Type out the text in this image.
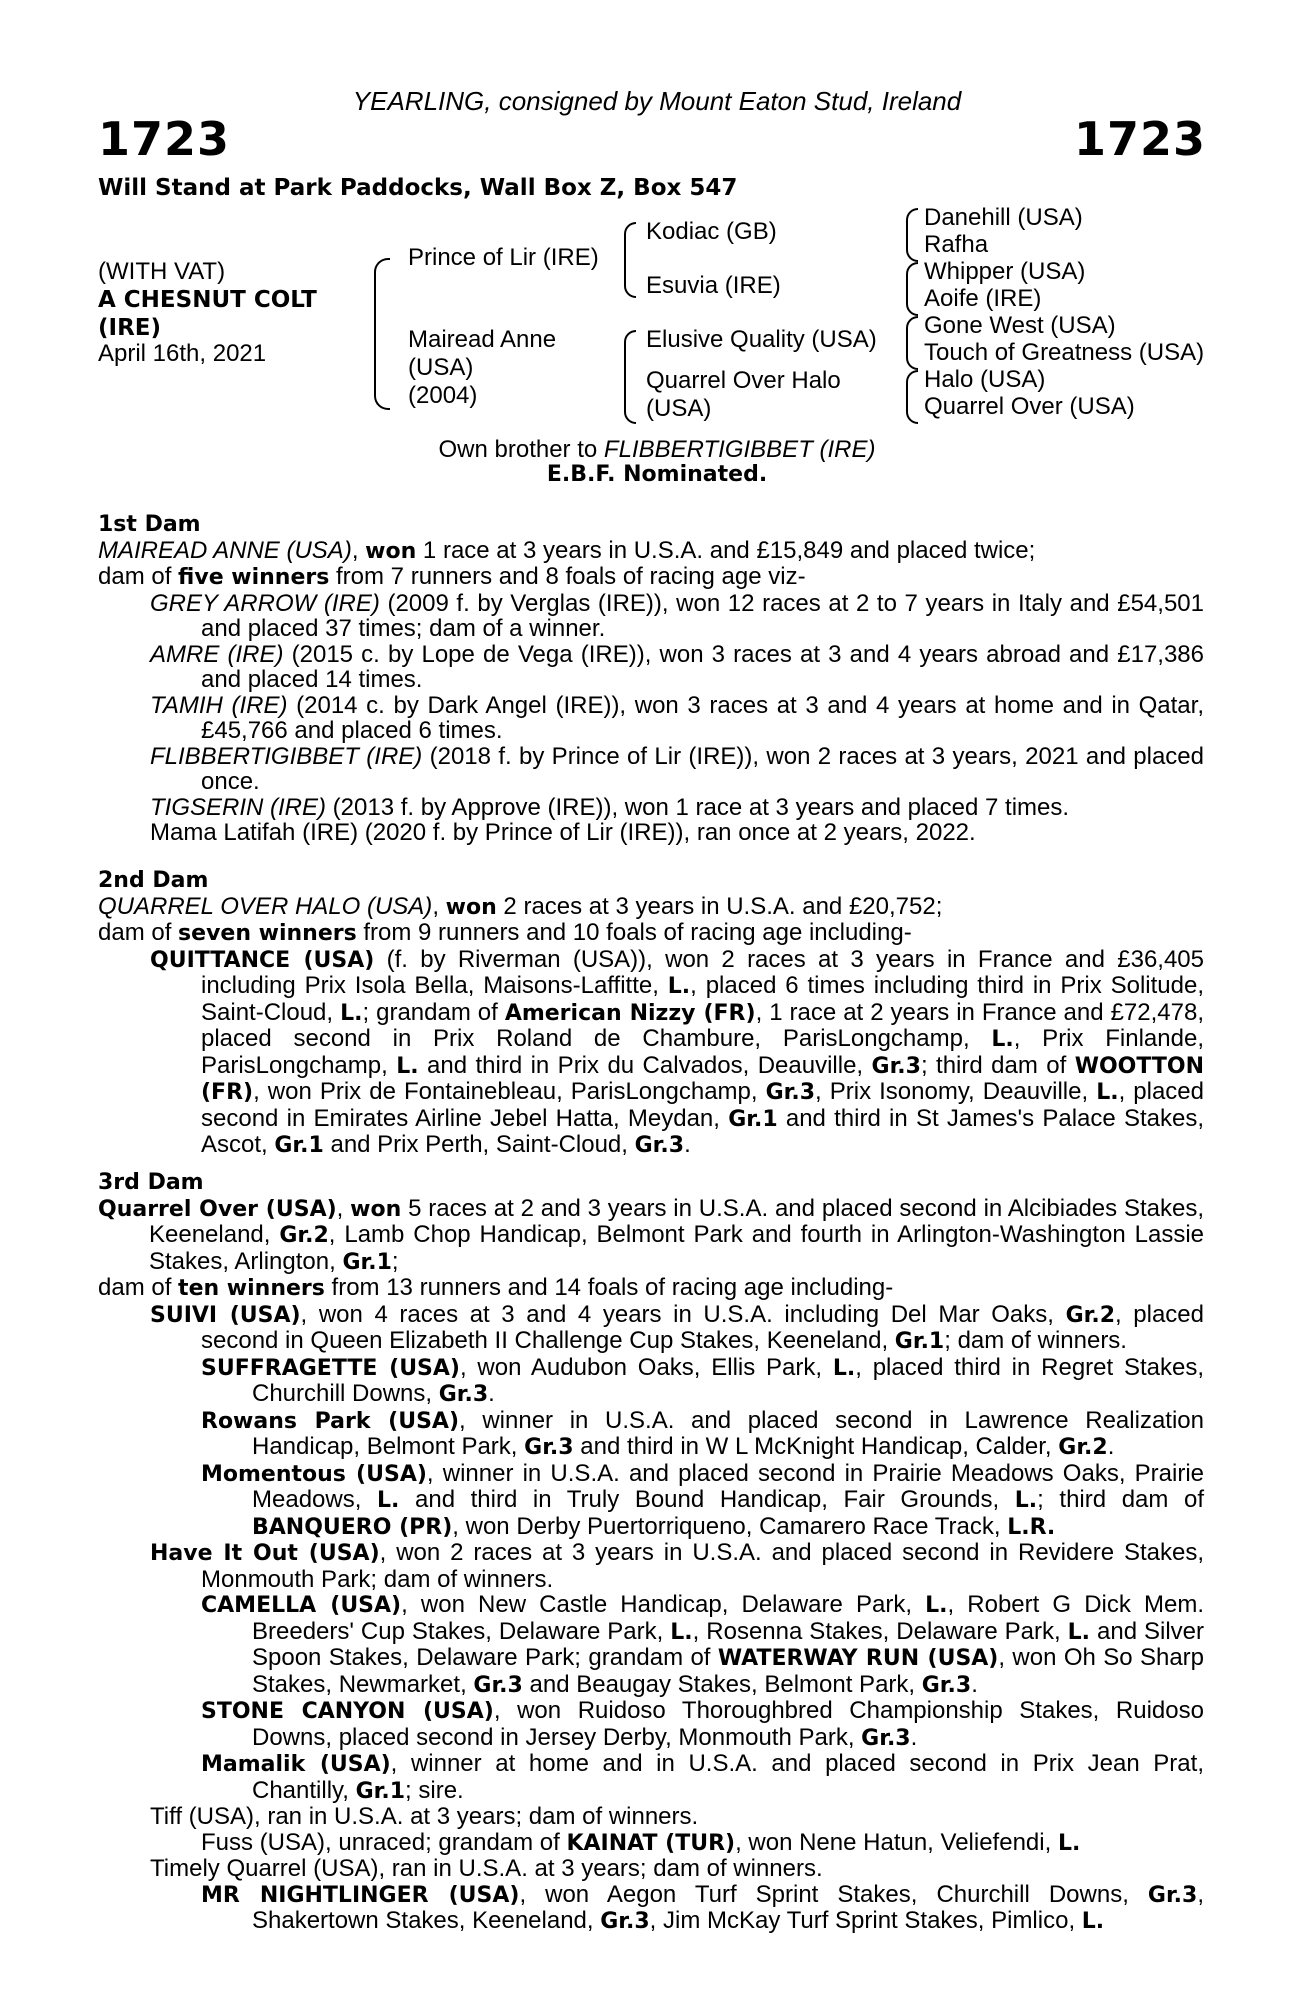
YEARLING, consigned by Mount Eaton Stud, Ireland
1723	1723
Will Stand at Park Paddocks, Wall Box Z, Box 547
(WITH VAT)
A CHESNUT COLT
(IRE)
April 16th, 2021
Prince of Lir (IRE)
Mairead Anne
(USA)
(2004)
Kodiac (GB)
Esuvia (IRE)
Elusive Quality (USA)
Quarrel Over Halo
(USA)
Danehill (USA)
Rafha
Whipper (USA)
Aoife (IRE)
Gone West (USA)
Touch of Greatness (USA)
Halo (USA)
Quarrel Over (USA)
Own brother to FLIBBERTIGIBBET (IRE)
E.B.F. Nominated.
1st Dam

MAIREAD ANNE (USA), won 1 race at 3 years in U.S.A. and £15,849 and placed twice;

dam of five winners from 7 runners and 8 foals of racing age viz-

GREY ARROW (IRE) (2009 f. by Verglas (IRE)), won 12 races at 2 to 7 years in Italy and £54,501 and placed 37 times; dam of a winner.

AMRE (IRE) (2015 c. by Lope de Vega (IRE)), won 3 races at 3 and 4 years abroad and £17,386 and placed 14 times.

TAMIH (IRE) (2014 c. by Dark Angel (IRE)), won 3 races at 3 and 4 years at home and in Qatar, £45,766 and placed 6 times.

FLIBBERTIGIBBET (IRE) (2018 f. by Prince of Lir (IRE)), won 2 races at 3 years, 2021 and placed once.

TIGSERIN (IRE) (2013 f. by Approve (IRE)), won 1 race at 3 years and placed 7 times.

Mama Latifah (IRE) (2020 f. by Prince of Lir (IRE)), ran once at 2 years, 2022.

2nd Dam

QUARREL OVER HALO (USA), won 2 races at 3 years in U.S.A. and £20,752;

dam of seven winners from 9 runners and 10 foals of racing age including-

QUITTANCE (USA) (f. by Riverman (USA)), won 2 races at 3 years in France and £36,405 including Prix Isola Bella, Maisons-Laffitte, L., placed 6 times including third in Prix Solitude, Saint-Cloud, L.; grandam of American Nizzy (FR), 1 race at 2 years in France and £72,478, placed second in Prix Roland de Chambure, ParisLongchamp, L., Prix Finlande, ParisLongchamp, L. and third in Prix du Calvados, Deauville, Gr.3; third dam of WOOTTON (FR), won Prix de Fontainebleau, ParisLongchamp, Gr.3, Prix Isonomy, Deauville, L., placed second in Emirates Airline Jebel Hatta, Meydan, Gr.1 and third in St James's Palace Stakes, Ascot, Gr.1 and Prix Perth, Saint-Cloud, Gr.3.

3rd Dam

Quarrel Over (USA), won 5 races at 2 and 3 years in U.S.A. and placed second in Alcibiades Stakes, Keeneland, Gr.2, Lamb Chop Handicap, Belmont Park and fourth in Arlington-Washington Lassie Stakes, Arlington, Gr.1;

dam of ten winners from 13 runners and 14 foals of racing age including-

SUIVI (USA), won 4 races at 3 and 4 years in U.S.A. including Del Mar Oaks, Gr.2, placed second in Queen Elizabeth II Challenge Cup Stakes, Keeneland, Gr.1; dam of winners.

SUFFRAGETTE (USA), won Audubon Oaks, Ellis Park, L., placed third in Regret Stakes, Churchill Downs, Gr.3.

Rowans Park (USA), winner in U.S.A. and placed second in Lawrence Realization Handicap, Belmont Park, Gr.3 and third in W L McKnight Handicap, Calder, Gr.2.

Momentous (USA), winner in U.S.A. and placed second in Prairie Meadows Oaks, Prairie Meadows, L. and third in Truly Bound Handicap, Fair Grounds, L.; third dam of BANQUERO (PR), won Derby Puertorriqueno, Camarero Race Track, L.R.

Have It Out (USA), won 2 races at 3 years in U.S.A. and placed second in Revidere Stakes, Monmouth Park; dam of winners.

CAMELLA (USA), won New Castle Handicap, Delaware Park, L., Robert G Dick Mem. Breeders' Cup Stakes, Delaware Park, L., Rosenna Stakes, Delaware Park, L. and Silver Spoon Stakes, Delaware Park; grandam of WATERWAY RUN (USA), won Oh So Sharp Stakes, Newmarket, Gr.3 and Beaugay Stakes, Belmont Park, Gr.3.

STONE CANYON (USA), won Ruidoso Thoroughbred Championship Stakes, Ruidoso Downs, placed second in Jersey Derby, Monmouth Park, Gr.3.

Mamalik (USA), winner at home and in U.S.A. and placed second in Prix Jean Prat, Chantilly, Gr.1; sire.

Tiff (USA), ran in U.S.A. at 3 years; dam of winners.

Fuss (USA), unraced; grandam of KAINAT (TUR), won Nene Hatun, Veliefendi, L.

Timely Quarrel (USA), ran in U.S.A. at 3 years; dam of winners.

MR NIGHTLINGER (USA), won Aegon Turf Sprint Stakes, Churchill Downs, Gr.3, Shakertown Stakes, Keeneland, Gr.3, Jim McKay Turf Sprint Stakes, Pimlico, L.
